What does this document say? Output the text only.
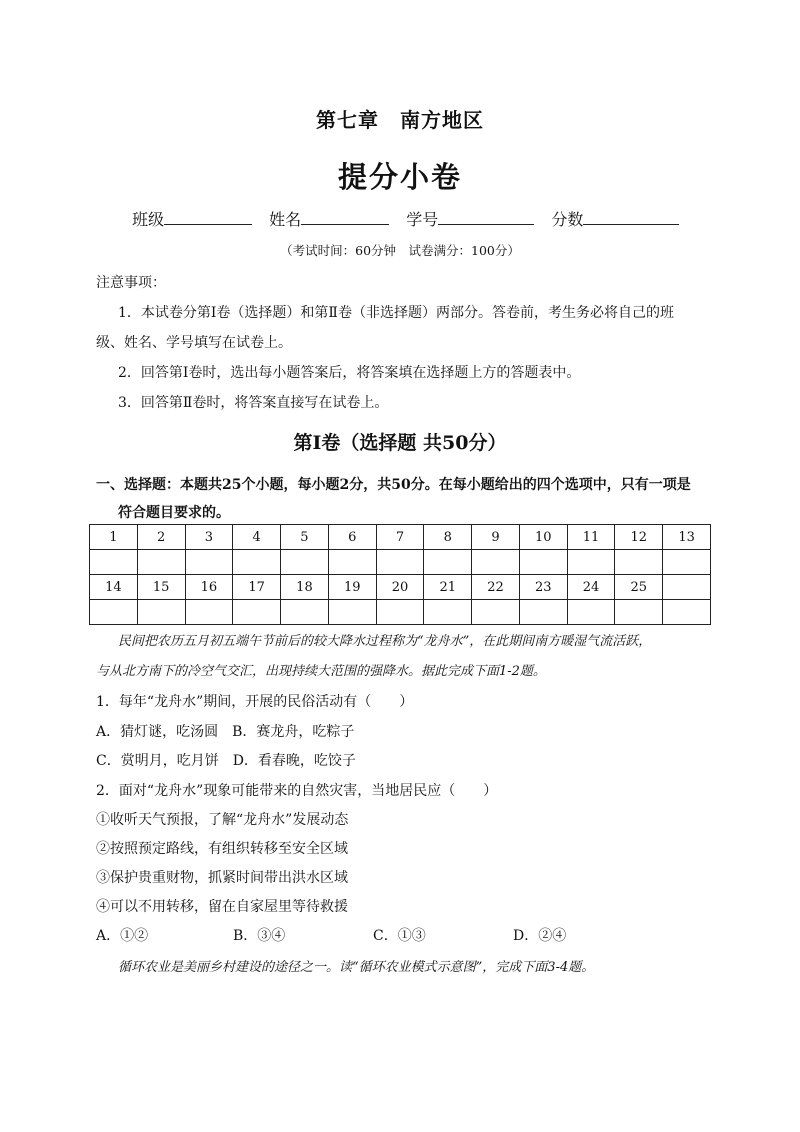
第七章　南方地区
提分小卷
班级	姓名	学号	分数
（考试时间：60分钟　试卷满分：100分）
注意事项：
1．本试卷分第Ⅰ卷（选择题）和第Ⅱ卷（非选择题）两部分。答卷前，考生务必将自己的班
级、姓名、学号填写在试卷上。
2．回答第Ⅰ卷时，选出每小题答案后，将答案填在选择题上方的答题表中。
3．回答第Ⅱ卷时，将答案直接写在试卷上。
第Ⅰ卷（选择题 共50分）
一、选择题：本题共25个小题，每小题2分，共50分。在每小题给出的四个选项中，只有一项是
符合题目要求的。
1	2	3	4	5	6	7	8	9	10	11	12	13

14	15	16	17	18	19	20	21	22	23	24	25	

民间把农历五月初五端午节前后的较大降水过程称为“龙舟水”，在此期间南方暖湿气流活跃，
与从北方南下的冷空气交汇，出现持续大范围的强降水。据此完成下面1-2题。
1．每年“龙舟水”期间，开展的民俗活动有（　　）
A．猜灯谜，吃汤圆　B．赛龙舟，吃粽子
C．赏明月，吃月饼　D．看春晚，吃饺子
2．面对“龙舟水”现象可能带来的自然灾害，当地居民应（　　）
①收听天气预报，了解“龙舟水”发展动态
②按照预定路线，有组织转移至安全区域
③保护贵重财物，抓紧时间带出洪水区域
④可以不用转移，留在自家屋里等待救援
A．①②	B．③④	C．①③	D．②④
循环农业是美丽乡村建设的途径之一。读“循环农业模式示意图”，完成下面3-4题。
